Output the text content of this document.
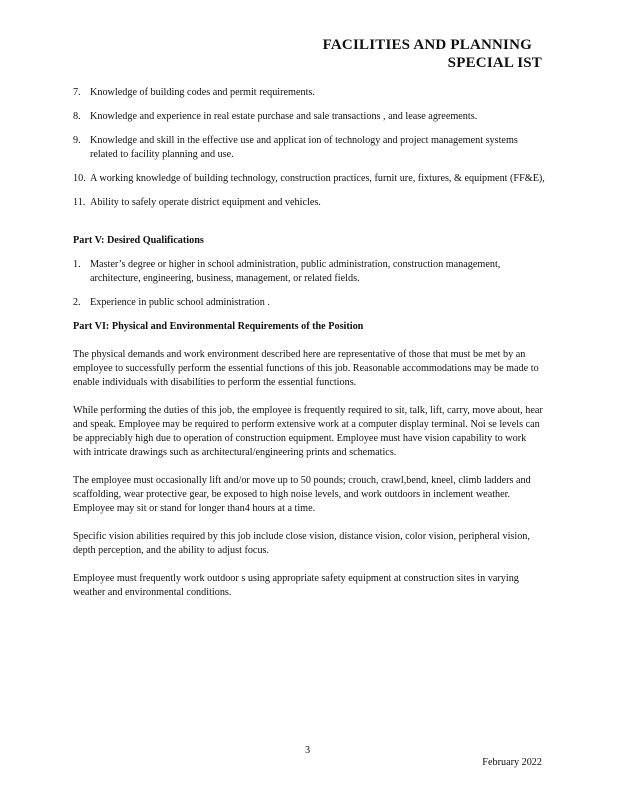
FACILITIES AND PLANNING
SPECIAL IST
7. Knowledge of building codes and permit requirements.
8. Knowledge and experience in real estate purchase and sale transactions , and lease agreements.
9. Knowledge and skill in the effective use and applicat ion of technology and project management systems related to facility planning and use.
10. A working knowledge of building technology, construction practices, furnit ure, fixtures, & equipment (FF&E),
11. Ability to safely operate district equipment and vehicles.
Part V: Desired Qualifications
1. Master’s degree or higher in school administration, public administration, construction management, architecture, engineering, business, management, or related fields.
2. Experience in public school administration .
Part VI: Physical and Environmental Requirements of the Position
The physical demands and work environment described here are representative of those that must be met by an employee to successfully perform the essential functions of this job. Reasonable accommodations may be made to enable individuals with disabilities to perform the essential functions.
While performing the duties of this job, the employee is frequently required to sit, talk, lift, carry, move about, hear and speak. Employee may be required to perform extensive work at a computer display terminal. Noi se levels can be appreciably high due to operation of construction equipment. Employee must have vision capability to work with intricate drawings such as architectural/engineering prints and schematics.
The employee must occasionally lift and/or move up to 50 pounds; crouch, crawl,bend, kneel, climb ladders and scaffolding, wear protective gear, be exposed to high noise levels, and work outdoors in inclement weather. Employee may sit or stand for longer than4 hours at a time.
Specific vision abilities required by this job include close vision, distance vision, color vision, peripheral vision, depth perception, and the ability to adjust focus.
Employee must frequently work outdoor s using appropriate safety equipment at construction sites in varying weather and environmental conditions.
3
February 2022
